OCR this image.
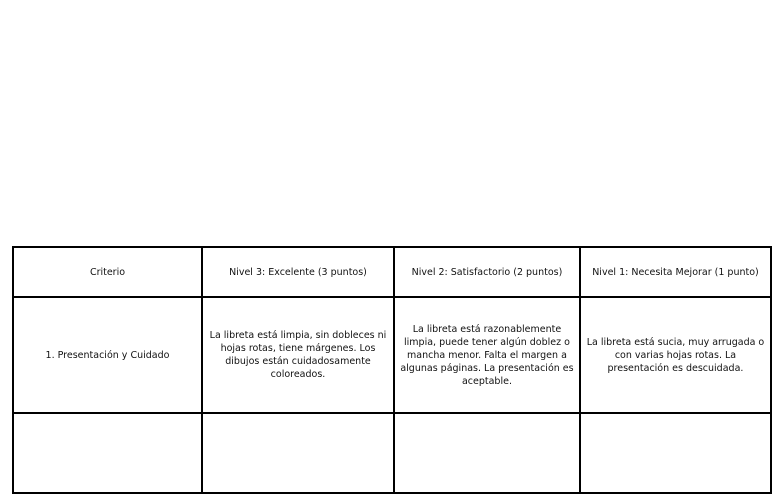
Criterio	Nivel 3: Excelente (3 puntos)	Nivel 2: Satisfactorio (2 puntos)	Nivel 1: Necesita Mejorar (1 punto)
1. Presentación y Cuidado	La libreta está limpia, sin dobleces ni hojas rotas, tiene márgenes. Los dibujos están cuidadosamente coloreados.	La libreta está razonablemente limpia, puede tener algún doblez o mancha menor. Falta el margen a algunas páginas. La presentación es aceptable.	La libreta está sucia, muy arrugada o con varias hojas rotas. La presentación es descuidada.
